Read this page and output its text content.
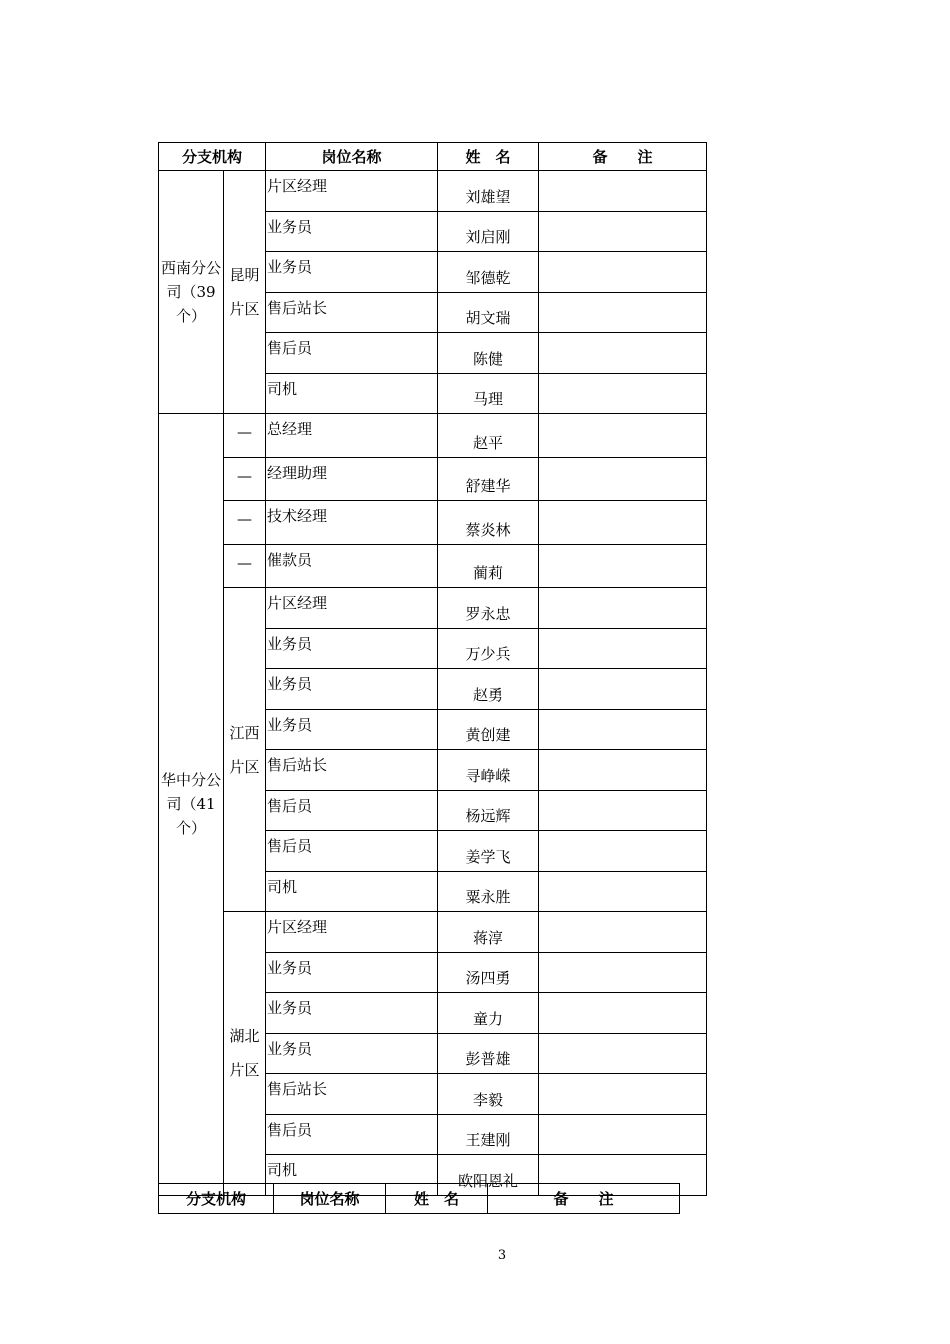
分支机构		岗位名称	姓　名	备　　注
西南分公司（39个）	昆明片区	片区经理	刘雄望	
		业务员	刘启刚	
		业务员	邹德乾	
		售后站长	胡文瑞	
		售后员	陈健	
		司机	马理	
华中分公司（41个）	—	总经理	赵平	
	—	经理助理	舒建华	
	—	技术经理	蔡炎林	
	—	催款员	蔺莉	
	江西片区	片区经理	罗永忠	
		业务员	万少兵	
		业务员	赵勇	
		业务员	黄创建	
		售后站长	寻峥嵘	
		售后员	杨远辉	
		售后员	姜学飞	
		司机	粟永胜	
	湖北片区	片区经理	蒋淳	
		业务员	汤四勇	
		业务员	童力	
		业务员	彭普雄	
		售后站长	李毅	
		售后员	王建刚	
		司机	欧阳恩礼	
分支机构	岗位名称	姓　名	备　　注
3
